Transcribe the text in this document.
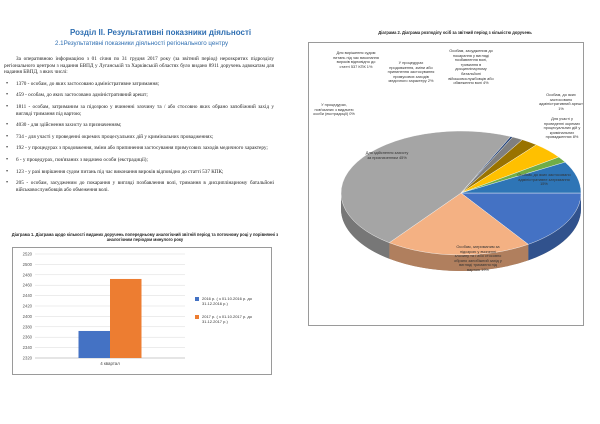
Розділ II. Результативні показники діяльності
2.1Результативні показники діяльності регіонального центру

За оперативною інформацією з 01 січня по 31 грудня 2017 року (за звітний період) нерозкритих підрозділу регіонального центром з надання БВПД у Луганській та Харківській областях було видано 8911 доручень адвокатам для надання БВПД, з яких числі:

• 1370 - особам, до яких застосовано адміністративне затримання;

• 459 - особам, до яких застосовано адміністративний арешт;

• 1811 - особам, затриманим за підозрою у вчиненні злочину та / або стосовно яких обрано запобіжний захід у вигляді тримання під вартою;

• 4030 - для здійснення захисту за призначенням;

• 734 - для участі у проведенні окремих процесуальних дій у кримінальних провадженнях;

• 192 - у процедурах з продовження, зміни або припинення застосування примусових заходів медичного характеру;

• 6 - у процедурах, пов'язаних з видачею особи (екстрадиції);

• 123 - у разі вирішення судом питань під час виконання вироків відповідно до статті 537 КПК;

• 205 - особам, засудженим до покарання у вигляді позбавлення волі, тримання в дисциплінарному батальйоні військовослужбовців або обмеження волі.

Діаграма 1. Діаграма щодо кількості виданих доручень попередньому аналогічний звітній період та поточному році у порівнянні з аналогічним періодом минулого року
2320
2340
2360
2380
2400
2420
2440
2460
2480
2500
2520
4 квартал
2016 р. ( з 01.10.2016 р. до
31.12.2016 р.)
2017 р. ( з 01.10.2017 р. до
31.12.2017 р.)
Діаграма 2. Діаграма розподілу осіб за звітний період з кількістю доручень
Для вирішення судом питань під час виконання вироків відповідно до статті 537 КПК 1%
У процедурах продовження, зміни або припинення застосування примусових заходів медичного характеру 2%
Особам, засудженим до покарання у вигляді позбавлення волі, тримання в дисциплінарному батальйоні військовослужбовців або обмеження волі 4%
Особам, до яких застосовано адміністративний арешт 1%
Для участі у проведенні окремих процесуальних дій у кримінальних провадженнях 8%
Особам, до яких застосовано адміністративне затримання 15%
Особам, затриманим за підозрою у вчиненні злочину та / або стосовно обрано запобіжний захід у вигляді тримання під вартою 19%
Для здійснення захисту за призначенням 45%
У процедурах, пов'язаних з видачею особи (екстрадиції) 0%
